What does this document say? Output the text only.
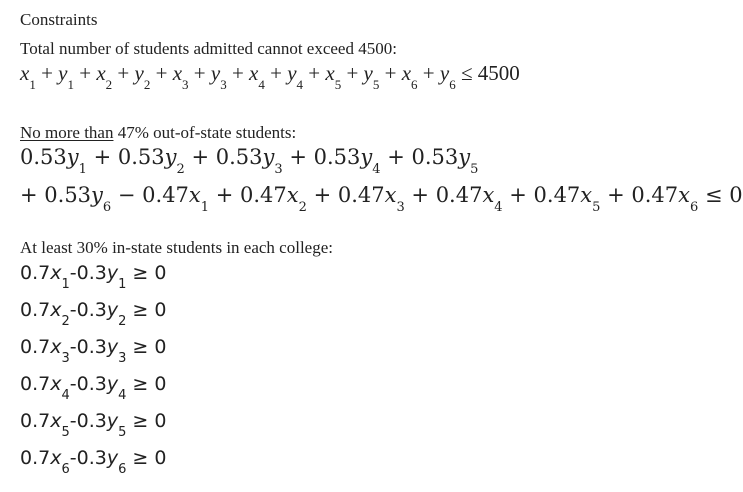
Constraints
Total number of students admitted cannot exceed 4500:
$x_1 + y_1 + x_2 + y_2 + x_3 + y_3 + x_4 + y_4 + x_5 + y_5 + x_6 + y_6 \le 4500$
No more than 47% out-of-state students:
$0.53y_1 + 0.53y_2 + 0.53y_3 + 0.53y_4 + 0.53y_5$
+ $0.53y_6 - 0.47x_1 + 0.47x_2 + 0.47x_3 + 0.47x_4 + 0.47x_5 + 0.47x_6 \le 0$
At least 30% in-state students in each college:
$0.7x_1-0.3y_1 \ge 0$
$0.7x_2-0.3y_2 \ge 0$
$0.7x_3-0.3y_3 \ge 0$
$0.7x_4-0.3y_4 \ge 0$
$0.7x_5-0.3y_5 \ge 0$
$0.7x_6-0.3y_6 \ge 0$
